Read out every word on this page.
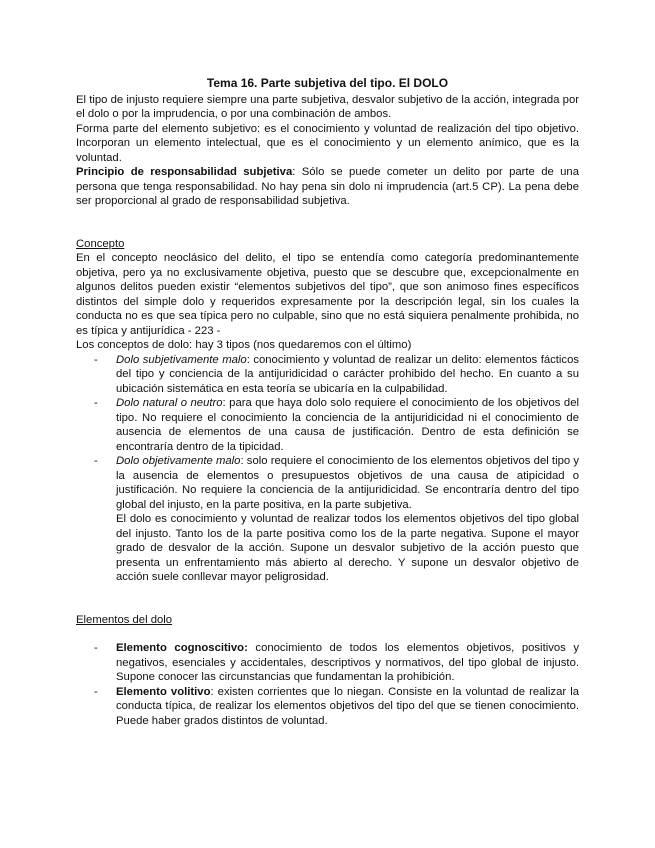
Tema 16. Parte subjetiva del tipo. El DOLO

El tipo de injusto requiere siempre una parte subjetiva, desvalor subjetivo de la acción, integrada por el dolo o por la imprudencia, o por una combinación de ambos.

Forma parte del elemento subjetivo: es el conocimiento y voluntad de realización del tipo objetivo. Incorporan un elemento intelectual, que es el conocimiento y un elemento anímico, que es la voluntad.

Principio de responsabilidad subjetiva: Sólo se puede cometer un delito por parte de una persona que tenga responsabilidad. No hay pena sin dolo ni imprudencia (art.5 CP). La pena debe ser proporcional al grado de responsabilidad subjetiva.

Concepto

En el concepto neoclásico del delito, el tipo se entendía como categoría predominantemente objetiva, pero ya no exclusivamente objetiva, puesto que se descubre que, excepcionalmente en algunos delitos pueden existir “elementos subjetivos del tipo”, que son animoso fines específicos distintos del simple dolo y requeridos expresamente por la descripción legal, sin los cuales la conducta no es que sea típica pero no culpable, sino que no está siquiera penalmente prohibida, no es típica y antijurídica - 223 -

Los conceptos de dolo: hay 3 tipos (nos quedaremos con el último)

- Dolo subjetivamente malo: conocimiento y voluntad de realizar un delito: elementos fácticos del tipo y conciencia de la antijuridicidad o carácter prohibido del hecho. En cuanto a su ubicación sistemática en esta teoría se ubicaría en la culpabilidad.
- Dolo natural o neutro: para que haya dolo solo requiere el conocimiento de los objetivos del tipo. No requiere el conocimiento la conciencia de la antijuridicidad ni el conocimiento de ausencia de elementos de una causa de justificación. Dentro de esta definición se encontraría dentro de la tipicidad.
- Dolo objetivamente malo: solo requiere el conocimiento de los elementos objetivos del tipo y la ausencia de elementos o presupuestos objetivos de una causa de atipicidad o justificación. No requiere la conciencia de la antijuridicidad. Se encontraría dentro del tipo global del injusto, en la parte positiva, en la parte subjetiva.

El dolo es conocimiento y voluntad de realizar todos los elementos objetivos del tipo global del injusto. Tanto los de la parte positiva como los de la parte negativa. Supone el mayor grado de desvalor de la acción. Supone un desvalor subjetivo de la acción puesto que presenta un enfrentamiento más abierto al derecho. Y supone un desvalor objetivo de acción suele conllevar mayor peligrosidad.

Elementos del dolo

- Elemento cognoscitivo: conocimiento de todos los elementos objetivos, positivos y negativos, esenciales y accidentales, descriptivos y normativos, del tipo global de injusto. Supone conocer las circunstancias que fundamentan la prohibición.
- Elemento volitivo: existen corrientes que lo niegan. Consiste en la voluntad de realizar la conducta típica, de realizar los elementos objetivos del tipo del que se tienen conocimiento. Puede haber grados distintos de voluntad.
